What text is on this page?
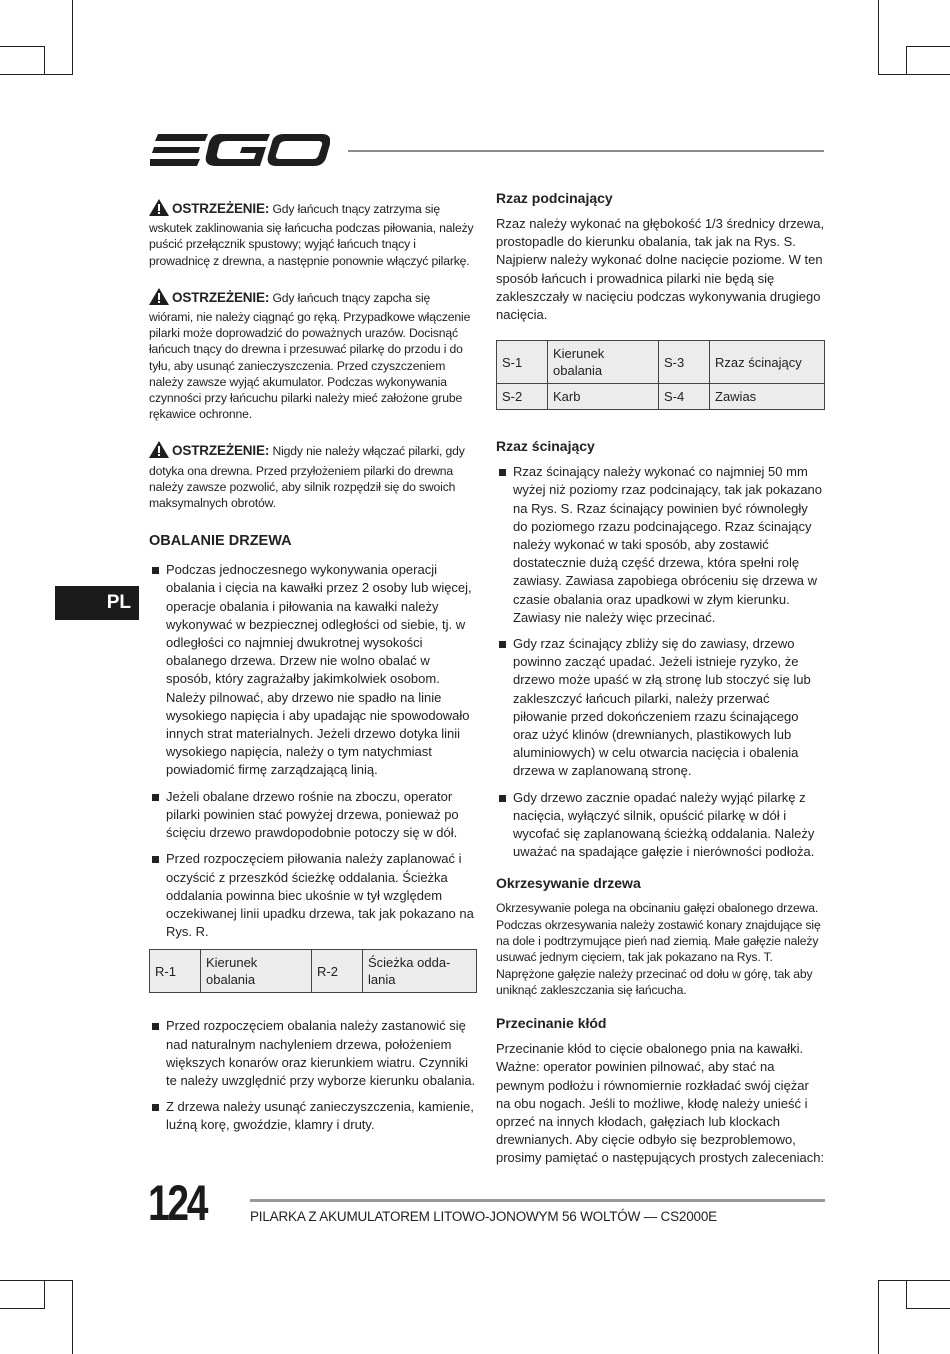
PL
OSTRZEŻENIE: Gdy łańcuch tnący zatrzyma się wskutek zaklinowania się łańcucha podczas piłowania, należy puścić przełącznik spustowy; wyjąć łańcuch tnący i prowadnicę z drewna, a następnie ponownie włączyć pilarkę.
OSTRZEŻENIE: Gdy łańcuch tnący zapcha się wiórami, nie należy ciągnąć go ręką. Przypadkowe włączenie pilarki może doprowadzić do poważnych urazów. Docisnąć łańcuch tnący do drewna i przesuwać pilarkę do przodu i do tyłu, aby usunąć zanieczyszczenia. Przed czyszczeniem należy zawsze wyjąć akumulator. Podczas wykonywania czynności przy łańcuchu pilarki należy mieć założone grube rękawice ochronne.
OSTRZEŻENIE: Nigdy nie należy włączać pilarki, gdy dotyka ona drewna. Przed przyłożeniem pilarki do drewna należy zawsze pozwolić, aby silnik rozpędził się do swoich maksymalnych obrotów.
OBALANIE DRZEWA
Podczas jednoczesnego wykonywania operacji obalania i cięcia na kawałki przez 2 osoby lub więcej, operacje obalania i piłowania na kawałki należy wykonywać w bezpiecznej odległości od siebie, tj. w odległości co najmniej dwukrotnej wysokości obalanego drzewa. Drzew nie wolno obalać w sposób, który zagrażałby jakimkolwiek osobom. Należy pilnować, aby drzewo nie spadło na linie wysokiego napięcia i aby upadając nie spowodowało innych strat materialnych. Jeżeli drzewo dotyka linii wysokiego napięcia, należy o tym natychmiast powiadomić firmę zarządzającą linią.
Jeżeli obalane drzewo rośnie na zboczu, operator pilarki powinien stać powyżej drzewa, ponieważ po ścięciu drzewo prawdopodobnie potoczy się w dół.
Przed rozpoczęciem piłowania należy zaplanować i oczyścić z przeszkód ścieżkę oddalania. Ścieżka oddalania powinna biec ukośnie w tył względem oczekiwanej linii upadku drzewa, tak jak pokazano na Rys. R.
R-1	Kierunek obalania	R-2	Ścieżka odda-lania
Przed rozpoczęciem obalania należy zastanowić się nad naturalnym nachyleniem drzewa, położeniem większych konarów oraz kierunkiem wiatru. Czynniki te należy uwzględnić przy wyborze kierunku obalania.
Z drzewa należy usunąć zanieczyszczenia, kamienie, luźną korę, gwoździe, klamry i druty.
Rzaz podcinający

Rzaz należy wykonać na głębokość 1/3 średnicy drzewa, prostopadle do kierunku obalania, tak jak na Rys. S. Najpierw należy wykonać dolne nacięcie poziome. W ten sposób łańcuch i prowadnica pilarki nie będą się zakleszczały w nacięciu podczas wykonywania drugiego nacięcia.

S-1	Kierunek obalania	S-3	Rzaz ścinający
S-2	Karb	S-4	Zawias
Rzaz ścinający
Rzaz ścinający należy wykonać co najmniej 50 mm wyżej niż poziomy rzaz podcinający, tak jak pokazano na Rys. S. Rzaz ścinający powinien być równoległy do poziomego rzazu podcinającego. Rzaz ścinający należy wykonać w taki sposób, aby zostawić dostatecznie dużą część drzewa, która spełni rolę zawiasy. Zawiasa zapobiega obróceniu się drzewa w czasie obalania oraz upadkowi w złym kierunku. Zawiasy nie należy więc przecinać.
Gdy rzaz ścinający zbliży się do zawiasy, drzewo powinno zacząć upadać. Jeżeli istnieje ryzyko, że drzewo może upaść w złą stronę lub stoczyć się lub zakleszczyć łańcuch pilarki, należy przerwać piłowanie przed dokończeniem rzazu ścinającego oraz użyć klinów (drewnianych, plastikowych lub aluminiowych) w celu otwarcia nacięcia i obalenia drzewa w zaplanowaną stronę.
Gdy drzewo zacznie opadać należy wyjąć pilarkę z nacięcia, wyłączyć silnik, opuścić pilarkę w dół i wycofać się zaplanowaną ścieżką oddalania. Należy uważać na spadające gałęzie i nierówności podłoża.
Okrzesywanie drzewa

Okrzesywanie polega na obcinaniu gałęzi obalonego drzewa. Podczas okrzesywania należy zostawić konary znajdujące się na dole i podtrzymujące pień nad ziemią. Małe gałęzie należy usuwać jednym cięciem, tak jak pokazano na Rys. T. Naprężone gałęzie należy przecinać od dołu w górę, tak aby uniknąć zakleszczania się łańcucha.

Przecinanie kłód

Przecinanie kłód to cięcie obalonego pnia na kawałki. Ważne: operator powinien pilnować, aby stać na pewnym podłożu i równomiernie rozkładać swój ciężar na obu nogach. Jeśli to możliwe, kłodę należy unieść i oprzeć na innych kłodach, gałęziach lub klockach drewnianych. Aby cięcie odbyło się bezproblemowo, prosimy pamiętać o następujących prostych zaleceniach:

124	PILARKA Z AKUMULATOREM LITOWO-JONOWYM 56 WOLTÓW — CS2000E
